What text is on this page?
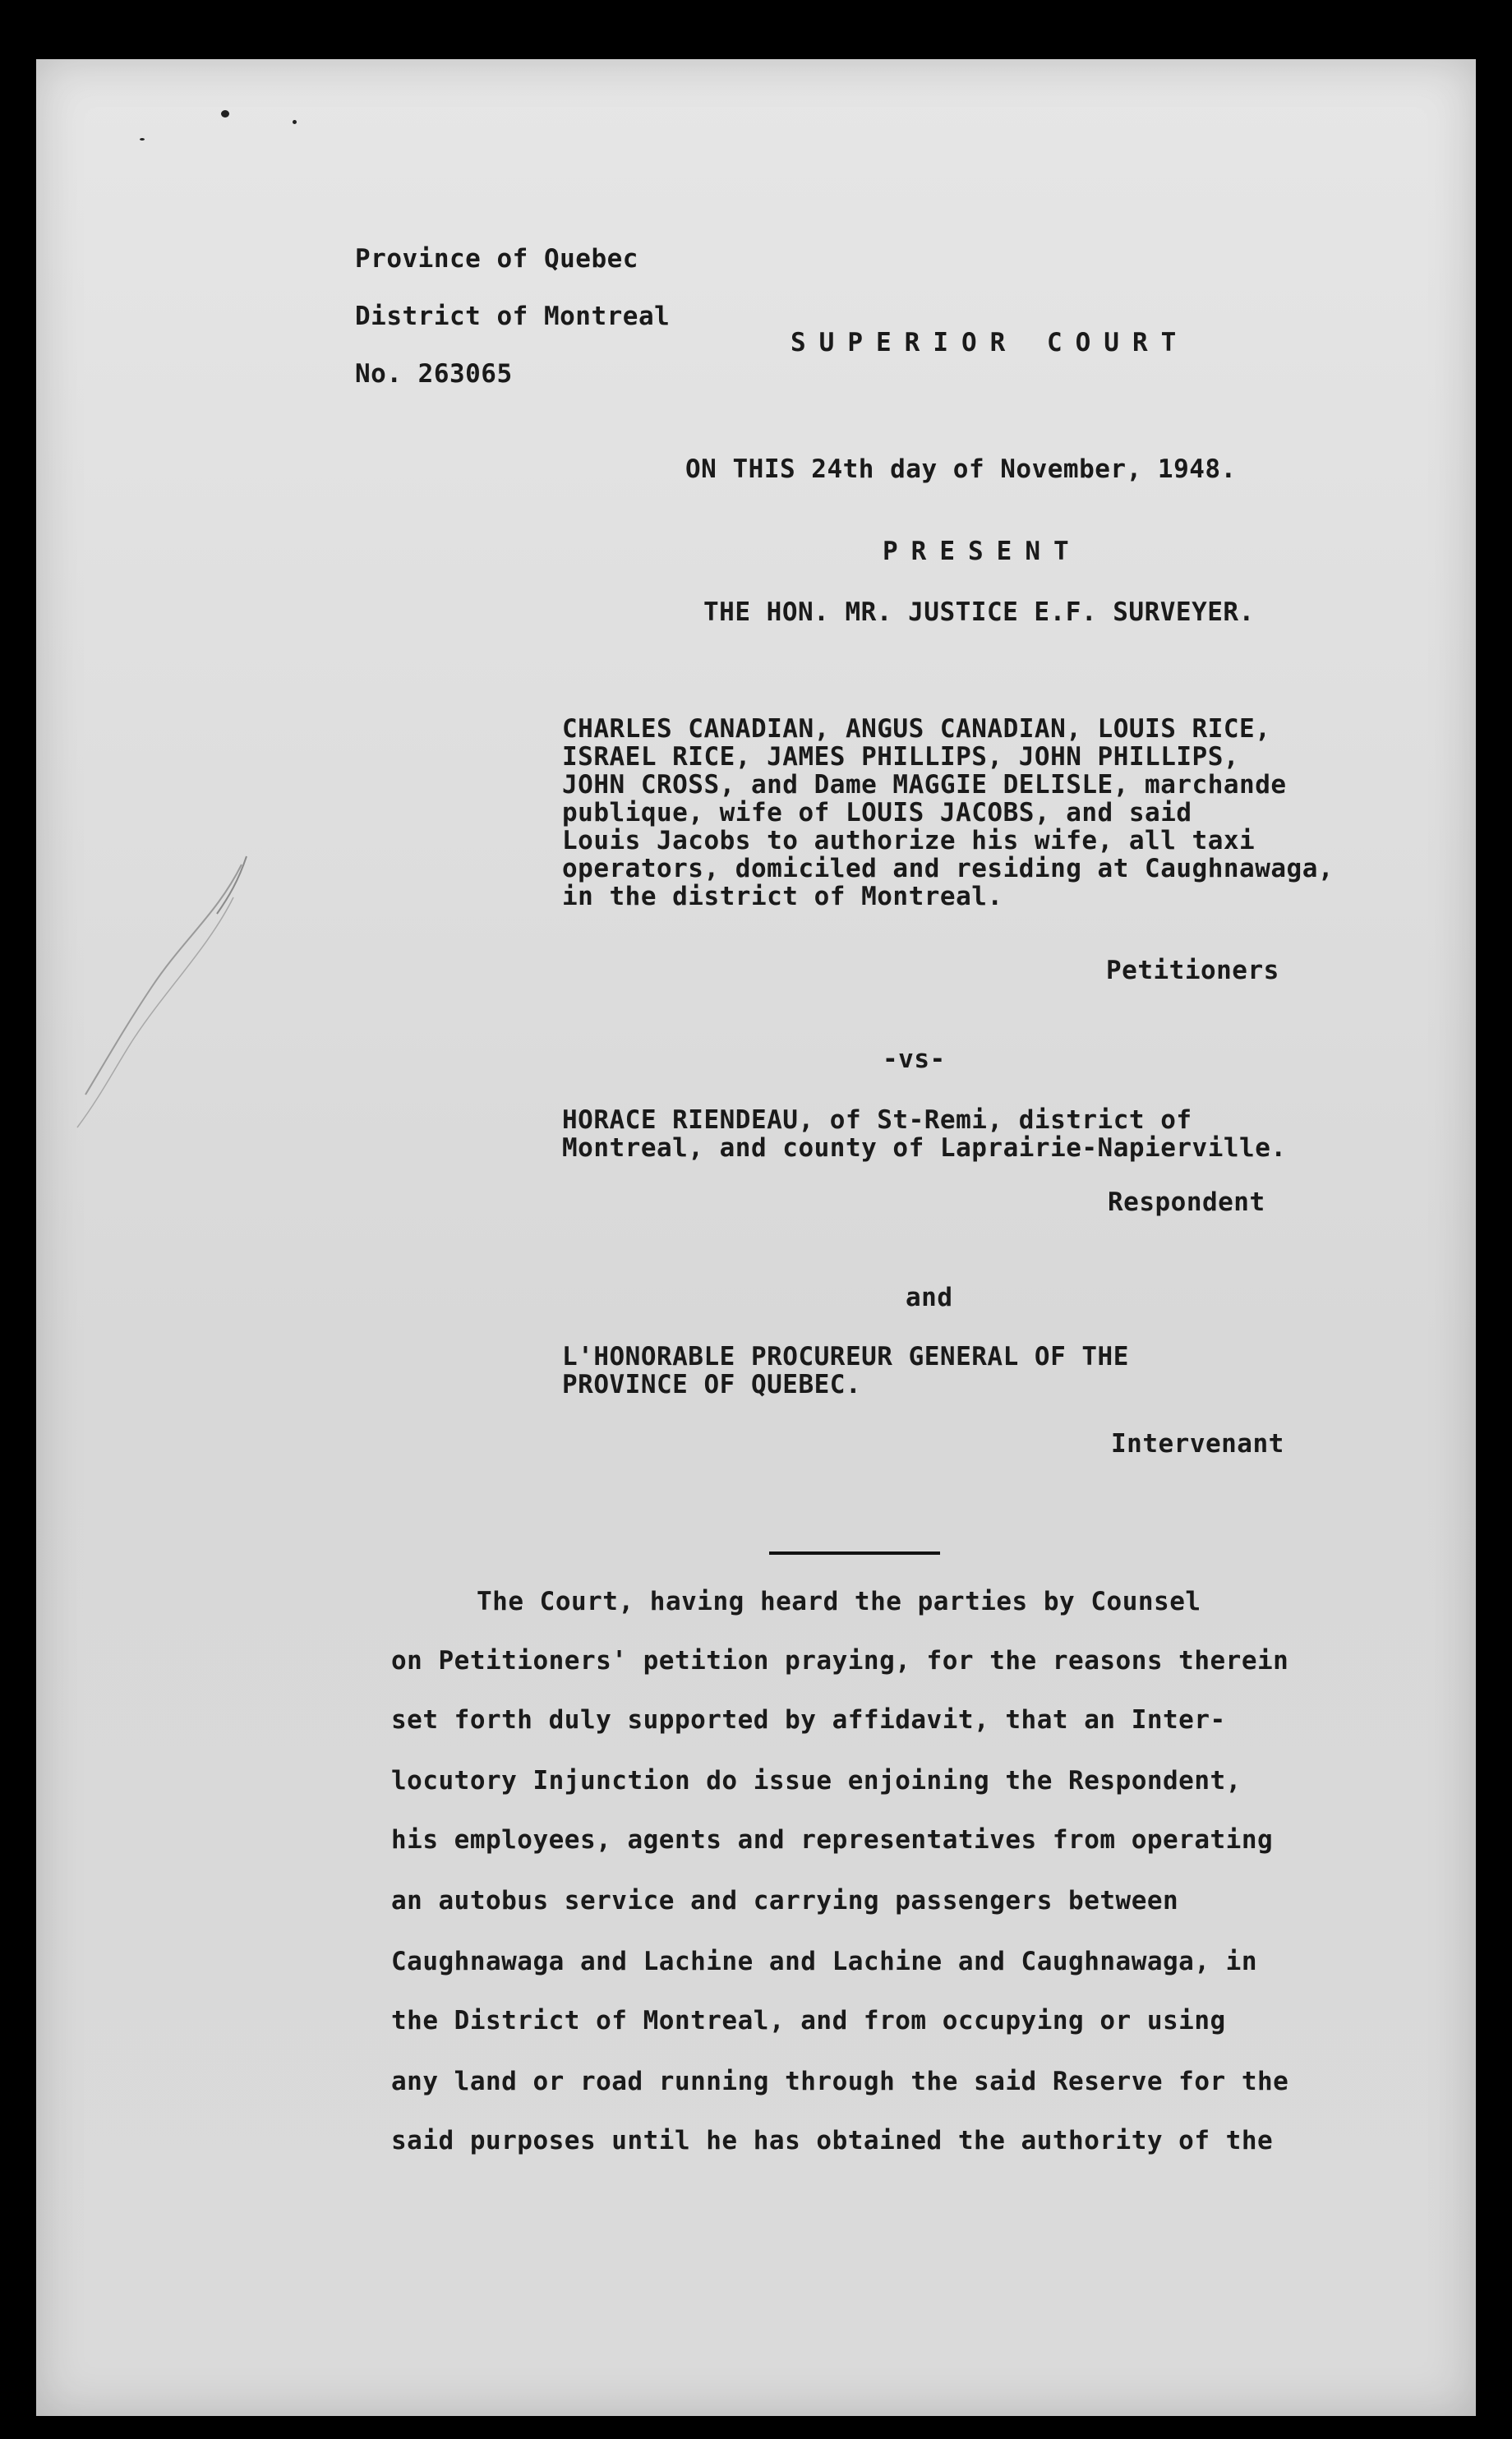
Province of Quebec
District of Montreal
No. 263065
SUPERIOR COURT
ON THIS 24th day of November, 1948.
PRESENT
THE HON. MR. JUSTICE E.F. SURVEYER.
CHARLES CANADIAN, ANGUS CANADIAN, LOUIS RICE,
ISRAEL RICE, JAMES PHILLIPS, JOHN PHILLIPS,
JOHN CROSS, and Dame MAGGIE DELISLE, marchande
publique, wife of LOUIS JACOBS, and said
Louis Jacobs to authorize his wife, all taxi
operators, domiciled and residing at Caughnawaga,
in the district of Montreal.
Petitioners
-vs-
HORACE RIENDEAU, of St-Remi, district of
Montreal, and county of Laprairie-Napierville.
Respondent
and
L'HONORABLE PROCUREUR GENERAL OF THE
PROVINCE OF QUEBEC.
Intervenant
The Court, having heard the parties by Counsel
on Petitioners' petition praying, for the reasons therein
set forth duly supported by affidavit, that an Inter-
locutory Injunction do issue enjoining the Respondent,
his employees, agents and representatives from operating
an autobus service and carrying passengers between
Caughnawaga and Lachine and Lachine and Caughnawaga, in
the District of Montreal, and from occupying or using
any land or road running through the said Reserve for the
said purposes until he has obtained the authority of the
